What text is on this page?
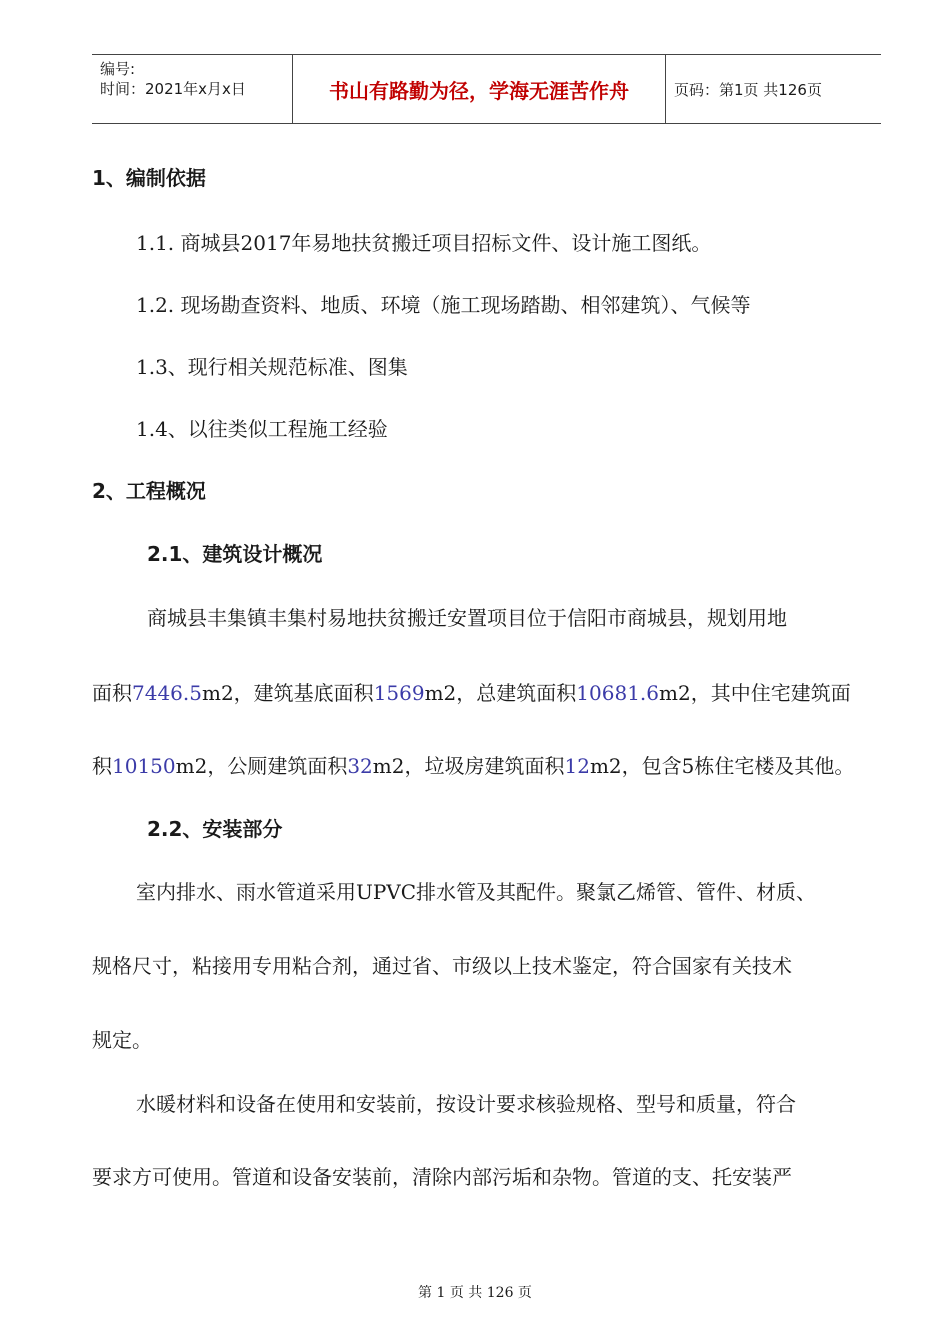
编号:
时间：2021年x月x日	书山有路勤为径，学海无涯苦作舟	页码：第1页 共126页
1、编制依据
1.1. 商城县2017年易地扶贫搬迁项目招标文件、设计施工图纸。
1.2. 现场勘查资料、地质、环境（施工现场踏勘、相邻建筑）、气候等
1.3、现行相关规范标准、图集
1.4、以往类似工程施工经验
2、工程概况
2.1、建筑设计概况
商城县丰集镇丰集村易地扶贫搬迁安置项目位于信阳市商城县，规划用地
面积7446.5m2，建筑基底面积1569m2，总建筑面积10681.6m2，其中住宅建筑面
积10150m2，公厕建筑面积32m2，垃圾房建筑面积12m2，包含5栋住宅楼及其他。
2.2、安装部分
室内排水、雨水管道采用UPVC排水管及其配件。聚氯乙烯管、管件、材质、
规格尺寸，粘接用专用粘合剂，通过省、市级以上技术鉴定，符合国家有关技术
规定。
水暖材料和设备在使用和安装前，按设计要求核验规格、型号和质量，符合
要求方可使用。管道和设备安装前，清除内部污垢和杂物。管道的支、托安装严
第 1 页 共 126 页
